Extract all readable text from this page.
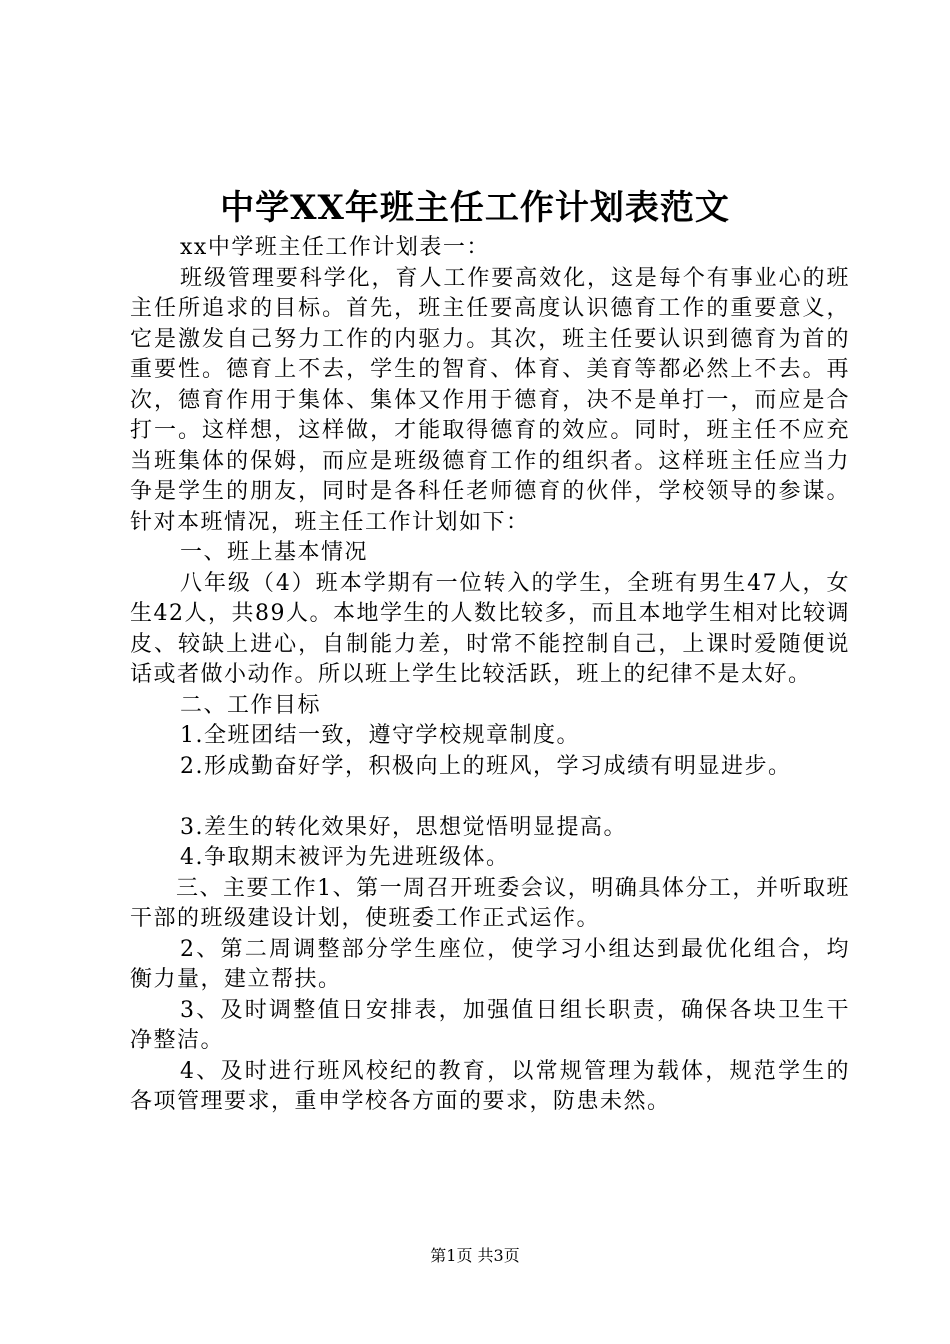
中学XX年班主任工作计划表范文

xx中学班主任工作计划表一：

班级管理要科学化，育人工作要高效化，这是每个有事业心的班主任所追求的目标。首先，班主任要高度认识德育工作的重要意义，它是激发自己努力工作的内驱力。其次，班主任要认识到德育为首的重要性。德育上不去，学生的智育、体育、美育等都必然上不去。再次，德育作用于集体、集体又作用于德育，决不是单打一，而应是合打一。这样想，这样做，才能取得德育的效应。同时，班主任不应充当班集体的保姆，而应是班级德育工作的组织者。这样班主任应当力争是学生的朋友，同时是各科任老师德育的伙伴，学校领导的参谋。针对本班情况，班主任工作计划如下：

一、班上基本情况

八年级（4）班本学期有一位转入的学生，全班有男生47人，女生42人，共89人。本地学生的人数比较多，而且本地学生相对比较调皮、较缺上进心，自制能力差，时常不能控制自己，上课时爱随便说话或者做小动作。所以班上学生比较活跃，班上的纪律不是太好。

二、工作目标

1.全班团结一致，遵守学校规章制度。

2.形成勤奋好学，积极向上的班风，学习成绩有明显进步。

3.差生的转化效果好，思想觉悟明显提高。

4.争取期末被评为先进班级体。

三、主要工作1、第一周召开班委会议，明确具体分工，并听取班干部的班级建设计划，使班委工作正式运作。

2、第二周调整部分学生座位，使学习小组达到最优化组合，均衡力量，建立帮扶。

3、及时调整值日安排表，加强值日组长职责，确保各块卫生干净整洁。

4、及时进行班风校纪的教育，以常规管理为载体，规范学生的各项管理要求，重申学校各方面的要求，防患未然。

第1页 共3页
